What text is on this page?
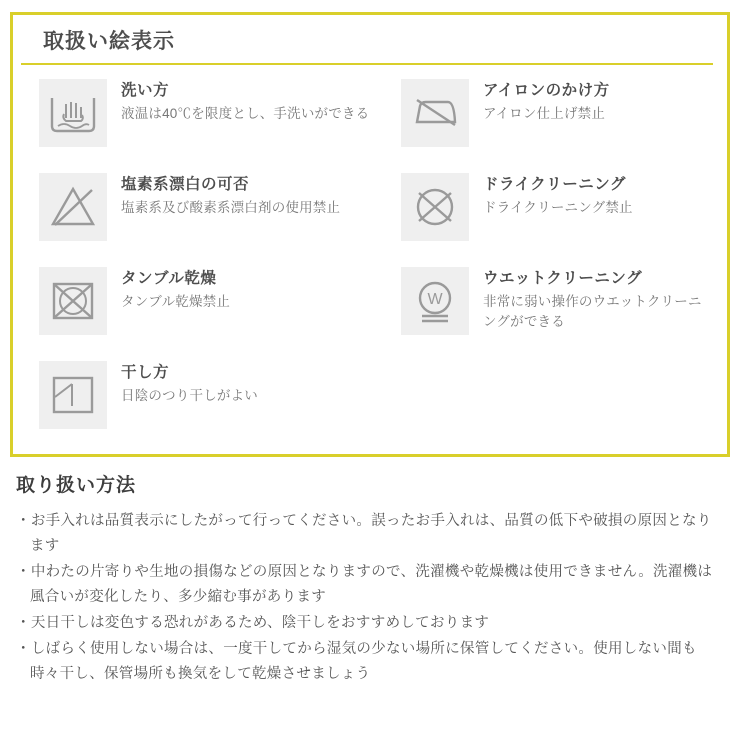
取扱い絵表示
洗い方
液温は40℃を限度とし、手洗いができる
塩素系漂白の可否
塩素系及び酸素系漂白剤の使用禁止
タンブル乾燥
タンブル乾燥禁止
干し方
日陰のつり干しがよい
アイロンのかけ方
アイロン仕上げ禁止
ドライクリーニング
ドライクリーニング禁止
W
ウエットクリーニング
非常に弱い操作のウエットクリーニングができる
取り扱い方法
・お手入れは品質表示にしたがって行ってください。誤ったお手入れは、品質の低下や破損の原因となります
・中わたの片寄りや生地の損傷などの原因となりますので、洗濯機や乾燥機は使用できません。洗濯機は風合いが変化したり、多少縮む事があります
・天日干しは変色する恐れがあるため、陰干しをおすすめしております
・しばらく使用しない場合は、一度干してから湿気の少ない場所に保管してください。使用しない間も時々干し、保管場所も換気をして乾燥させましょう
